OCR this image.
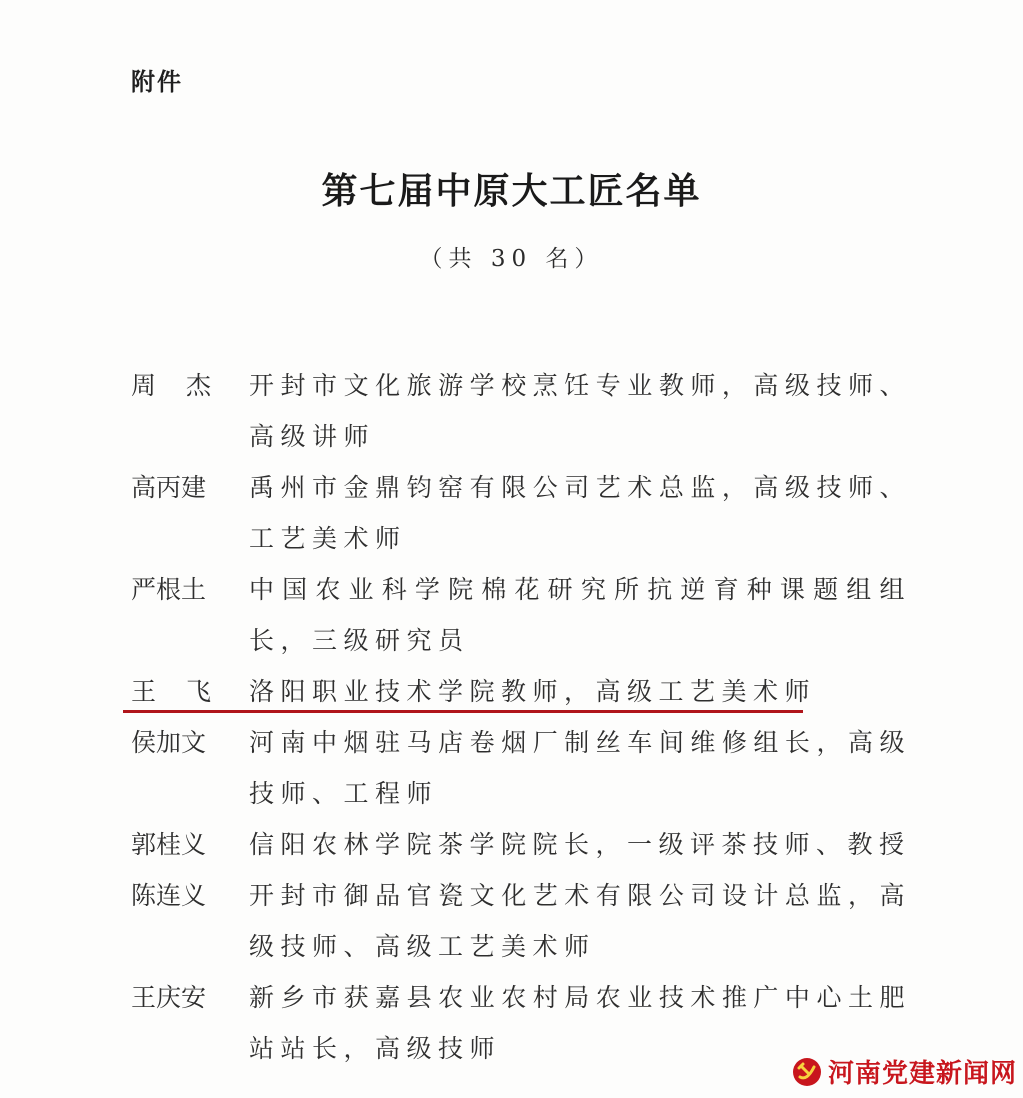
附件
第七届中原大工匠名单
（共 30 名）
周 杰	开封市文化旅游学校烹饪专业教师，高级技师、高级讲师
高丙建	禹州市金鼎钧窑有限公司艺术总监，高级技师、工艺美术师
严根土	中国农业科学院棉花研究所抗逆育种课题组组长，三级研究员
王 飞	洛阳职业技术学院教师，高级工艺美术师
侯加文	河南中烟驻马店卷烟厂制丝车间维修组长，高级技师、工程师
郭桂义	信阳农林学院茶学院院长，一级评茶技师、教授
陈连义	开封市御品官瓷文化艺术有限公司设计总监，高级技师、高级工艺美术师
王庆安	新乡市获嘉县农业农村局农业技术推广中心土肥站站长，高级技师
河南党建新闻网
